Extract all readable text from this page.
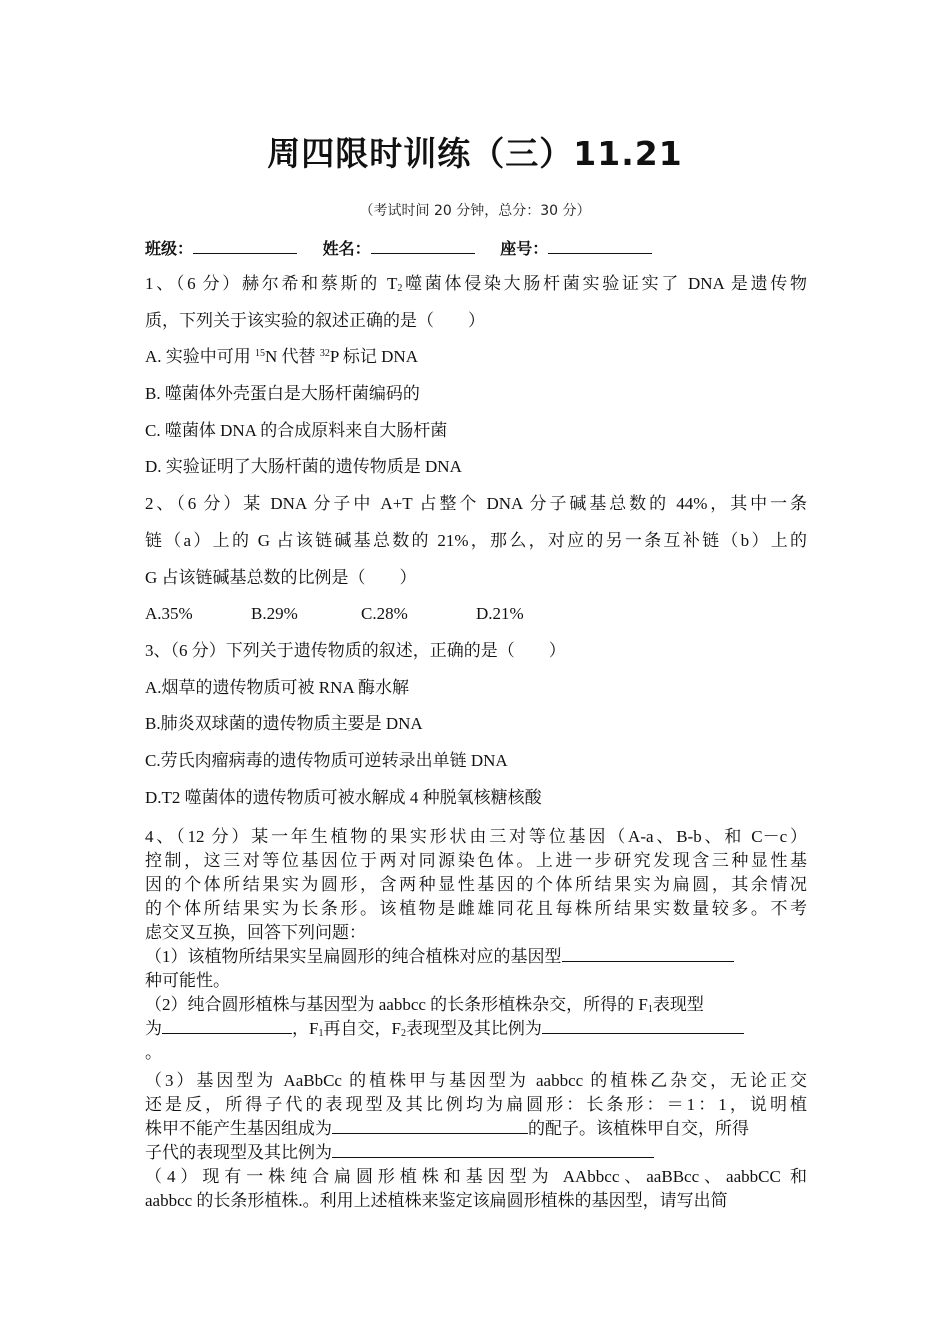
周四限时训练（三）11.21
（考试时间 20 分钟，总分：30 分）
班级：	姓名：	座号：
1、（6 分）赫尔希和蔡斯的 $T_2$噬菌体侵染大肠杆菌实验证实了 DNA 是遗传物
质，下列关于该实验的叙述正确的是（　　）
A. 实验中可用 $^{15}$N 代替 $^{32}$P 标记 DNA
B. 噬菌体外壳蛋白是大肠杆菌编码的
C. 噬菌体 DNA 的合成原料来自大肠杆菌
D. 实验证明了大肠杆菌的遗传物质是 DNA
2、（6 分）某 DNA 分子中 A+T 占整个 DNA 分子碱基总数的 44%，其中一条
链（a）上的 G 占该链碱基总数的 21%，那么，对应的另一条互补链（b）上的
G 占该链碱基总数的比例是（　　）
A.35%	B.29%	C.28%	D.21%
3、（6 分）下列关于遗传物质的叙述，正确的是（　　）
A.烟草的遗传物质可被 RNA 酶水解
B.肺炎双球菌的遗传物质主要是 DNA
C.劳氏肉瘤病毒的遗传物质可逆转录出单链 DNA
D.T2 噬菌体的遗传物质可被水解成 4 种脱氧核糖核酸
4、（12 分）某一年生植物的果实形状由三对等位基因（A-a、B-b、和 C－c）
控制，这三对等位基因位于两对同源染色体。上进一步研究发现含三种显性基
因的个体所结果实为圆形，含两种显性基因的个体所结果实为扁圆，其余情况
的个体所结果实为长条形。该植物是雌雄同花且每株所结果实数量较多。不考
虑交叉互换，回答下列问题：
（1）该植物所结果实呈扁圆形的纯合植株对应的基因型
种可能性。
（2）纯合圆形植株与基因型为 aabbcc 的长条形植株杂交，所得的 $F_1$表现型
为	，$F_1$再自交，$F_2$表现型及其比例为
。
（3）基因型为 AaBbCc 的植株甲与基因型为 aabbcc 的植株乙杂交，无论正交
还是反，所得子代的表现型及其比例均为扁圆形：长条形：＝1：1，说明植
株甲不能产生基因组成为	的配子。该植株甲自交，所得
子代的表现型及其比例为
（4）现有一株纯合扁圆形植株和基因型为 AAbbcc、aaBBcc、aabbCC 和
aabbcc 的长条形植株.。利用上述植株来鉴定该扁圆形植株的基因型，请写出简
